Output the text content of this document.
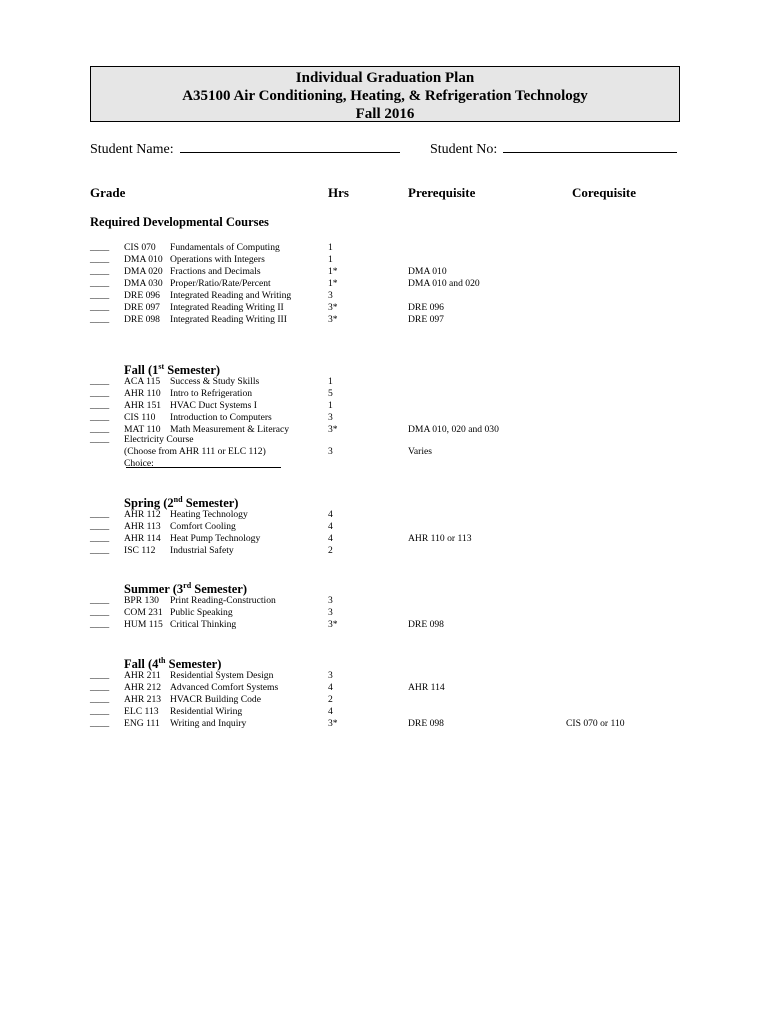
Individual Graduation Plan
A35100 Air Conditioning, Heating, & Refrigeration Technology
Fall 2016
Student Name:	Student No:
Grade	Hrs	Prerequisite	Corequisite
Required Developmental Courses
____ CIS 070 Fundamentals of Computing	1
____ DMA 010 Operations with Integers	1
____ DMA 020 Fractions and Decimals	1*	DMA 010
____ DMA 030 Proper/Ratio/Rate/Percent	1*	DMA 010 and 020
____ DRE 096 Integrated Reading and Writing	3
____ DRE 097 Integrated Reading Writing II	3*	DRE 096
____ DRE 098 Integrated Reading Writing III	3*	DRE 097
Fall (1st Semester)
____ ACA 115 Success & Study Skills	1
____ AHR 110 Intro to Refrigeration	5
____ AHR 151 HVAC Duct Systems I	1
____ CIS 110 Introduction to Computers	3
____ MAT 110 Math Measurement & Literacy	3*	DMA 010, 020 and 030
____ Electricity Course
(Choose from AHR 111 or ELC 112)	3	Varies
Choice:
Spring (2nd Semester)
____ AHR 112 Heating Technology	4
____ AHR 113 Comfort Cooling	4
____ AHR 114 Heat Pump Technology	4	AHR 110 or 113
____ ISC 112 Industrial Safety	2
Summer (3rd Semester)
____ BPR 130 Print Reading-Construction	3
____ COM 231 Public Speaking	3
____ HUM 115 Critical Thinking	3*	DRE 098
Fall (4th Semester)
____ AHR 211 Residential System Design	3
____ AHR 212 Advanced Comfort Systems	4	AHR 114
____ AHR 213 HVACR Building Code	2
____ ELC 113 Residential Wiring	4
____ ENG 111 Writing and Inquiry	3*	DRE 098	CIS 070 or 110
